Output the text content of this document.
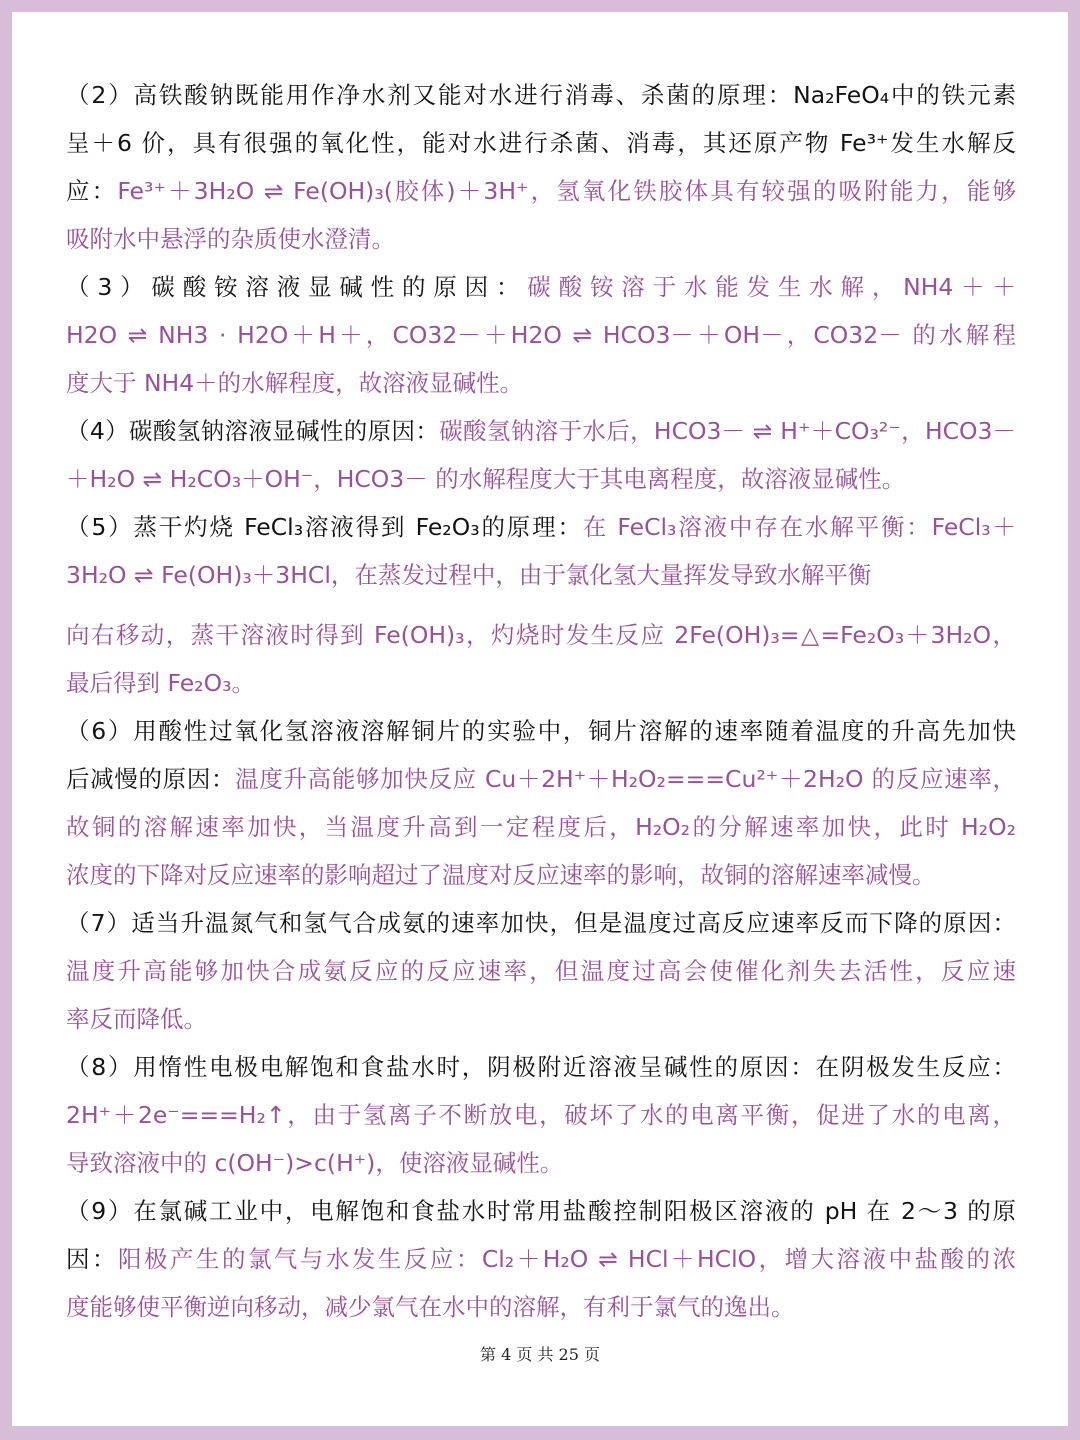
（2）高铁酸钠既能用作净水剂又能对水进行消毒、杀菌的原理：Na₂FeO₄中的铁元素
呈＋6 价，具有很强的氧化性，能对水进行杀菌、消毒，其还原产物 Fe³⁺发生水解反
应：Fe³⁺＋3H₂O ⇌ Fe(OH)₃(胶体)＋3H⁺，氢氧化铁胶体具有较强的吸附能力，能够
吸附水中悬浮的杂质使水澄清。
（3）碳酸铵溶液显碱性的原因：碳酸铵溶于水能发生水解，NH4＋＋
H2O ⇌ NH3 · H2O＋H＋，CO32－＋H2O ⇌ HCO3－＋OH－，CO32－ 的水解程
度大于 NH4＋的水解程度，故溶液显碱性。
（4）碳酸氢钠溶液显碱性的原因：碳酸氢钠溶于水后，HCO3－ ⇌ H⁺＋CO₃²⁻，HCO3－
＋H₂O ⇌ H₂CO₃＋OH⁻，HCO3－ 的水解程度大于其电离程度，故溶液显碱性。
（5）蒸干灼烧 FeCl₃溶液得到 Fe₂O₃的原理：在 FeCl₃溶液中存在水解平衡：FeCl₃＋
3H₂O ⇌ Fe(OH)₃＋3HCl，在蒸发过程中，由于氯化氢大量挥发导致水解平衡
向右移动，蒸干溶液时得到 Fe(OH)₃，灼烧时发生反应 2Fe(OH)₃=△=Fe₂O₃＋3H₂O，
最后得到 Fe₂O₃。
（6）用酸性过氧化氢溶液溶解铜片的实验中，铜片溶解的速率随着温度的升高先加快
后减慢的原因：温度升高能够加快反应 Cu＋2H⁺＋H₂O₂===Cu²⁺＋2H₂O 的反应速率，
故铜的溶解速率加快，当温度升高到一定程度后，H₂O₂的分解速率加快，此时 H₂O₂
浓度的下降对反应速率的影响超过了温度对反应速率的影响，故铜的溶解速率减慢。
（7）适当升温氮气和氢气合成氨的速率加快，但是温度过高反应速率反而下降的原因：
温度升高能够加快合成氨反应的反应速率，但温度过高会使催化剂失去活性，反应速
率反而降低。
（8）用惰性电极电解饱和食盐水时，阴极附近溶液呈碱性的原因：在阴极发生反应：
2H⁺＋2e⁻===H₂↑，由于氢离子不断放电，破坏了水的电离平衡，促进了水的电离，
导致溶液中的 c(OH⁻)>c(H⁺)，使溶液显碱性。
（9）在氯碱工业中，电解饱和食盐水时常用盐酸控制阳极区溶液的 pH 在 2～3 的原
因：阳极产生的氯气与水发生反应：Cl₂＋H₂O ⇌ HCl＋HClO，增大溶液中盐酸的浓
度能够使平衡逆向移动，减少氯气在水中的溶解，有利于氯气的逸出。
第 4 页 共 25 页
